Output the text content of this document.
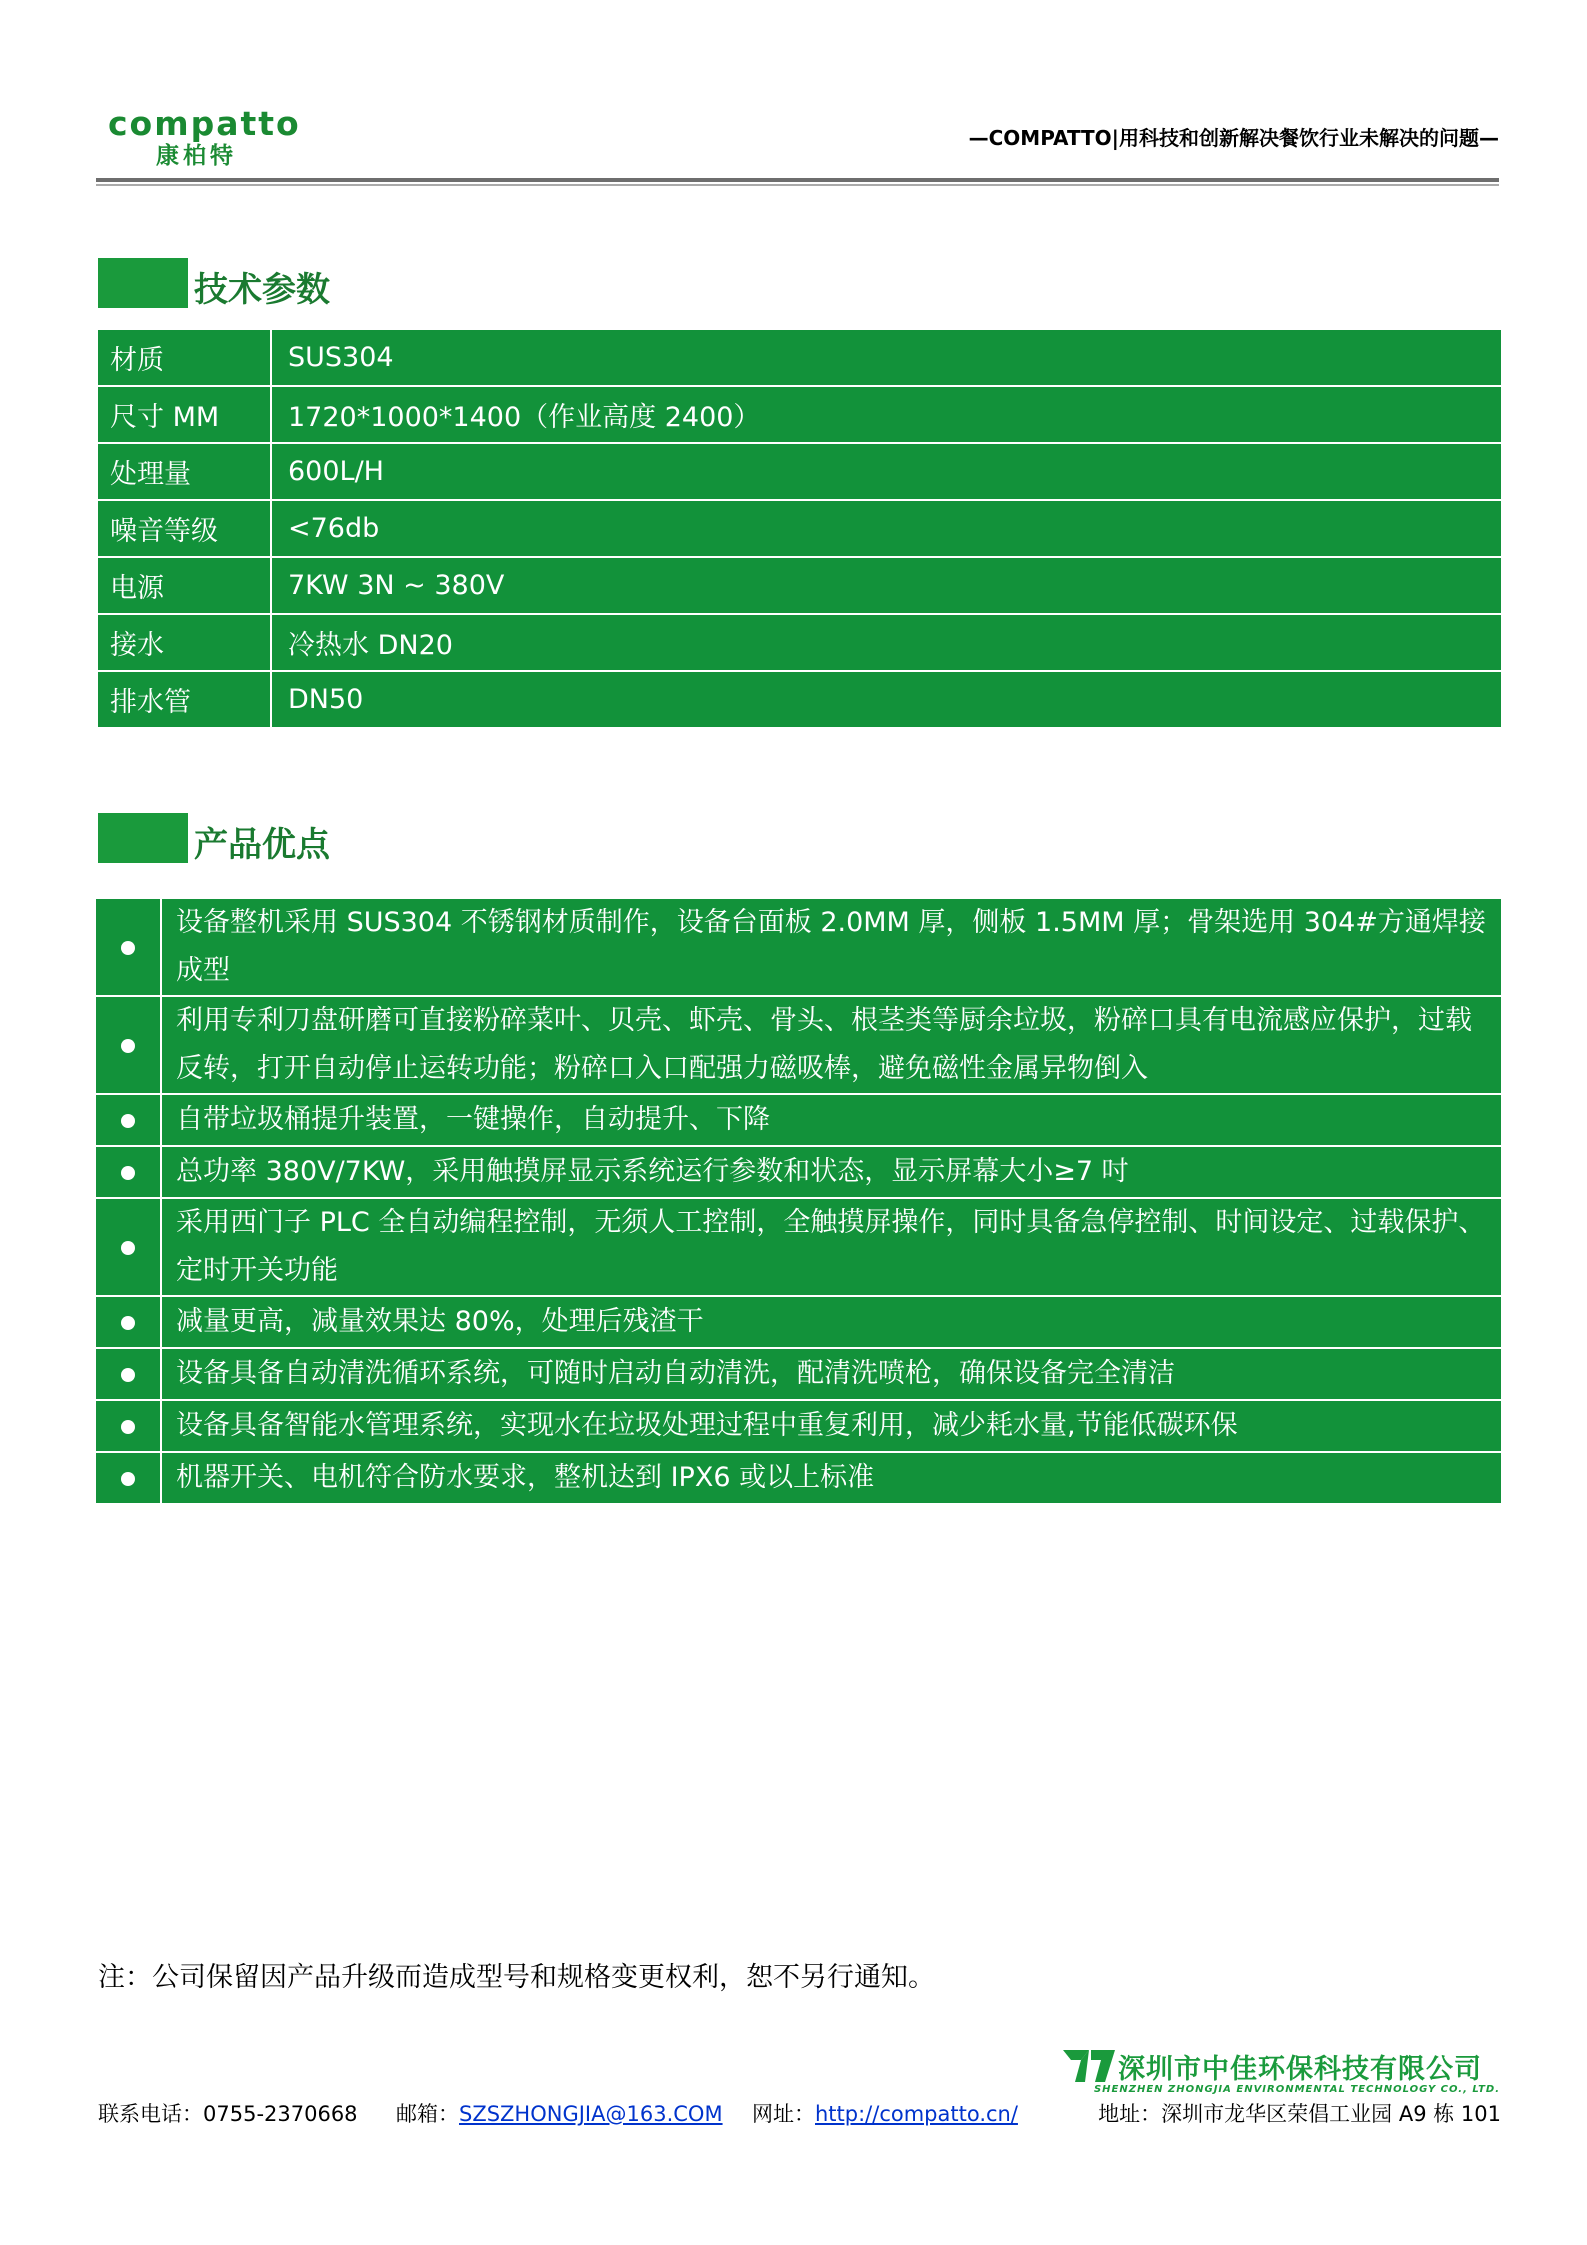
compatto
康柏特
—COMPATTO|用科技和创新解决餐饮行业未解决的问题—
技术参数
材质	SUS304
尺寸 MM	1720*1000*1400（作业高度 2400）
处理量	600L/H
噪音等级	<76db
电源	7KW 3N ~ 380V
接水	冷热水 DN20
排水管	DN50
产品优点
	设备整机采用 SUS304 不锈钢材质制作，设备台面板 2.0MM 厚，侧板 1.5MM 厚；骨架选用 304#方通焊接成型
	利用专利刀盘研磨可直接粉碎菜叶、贝壳、虾壳、骨头、根茎类等厨余垃圾，粉碎口具有电流感应保护，过载反转，打开自动停止运转功能；粉碎口入口配强力磁吸棒，避免磁性金属异物倒入
	自带垃圾桶提升装置，一键操作，自动提升、下降
	总功率 380V/7KW，采用触摸屏显示系统运行参数和状态，显示屏幕大小≥7 吋
	采用西门子 PLC 全自动编程控制，无须人工控制，全触摸屏操作，同时具备急停控制、时间设定、过载保护、定时开关功能
	减量更高，减量效果达 80%，处理后残渣干
	设备具备自动清洗循环系统，可随时启动自动清洗，配清洗喷枪，确保设备完全清洁
	设备具备智能水管理系统，实现水在垃圾处理过程中重复利用，减少耗水量,节能低碳环保
	机器开关、电机符合防水要求，整机达到 IPX6 或以上标准
注：公司保留因产品升级而造成型号和规格变更权利，恕不另行通知。
深圳市中佳环保科技有限公司
SHENZHEN ZHONGJIA ENVIRONMENTAL TECHNOLOGY CO., LTD.
联系电话：0755-2370668 邮箱：SZSZHONGJIA@163.COM 网址：http://compatto.cn/	地址：深圳市龙华区荣倡工业园 A9 栋 101
